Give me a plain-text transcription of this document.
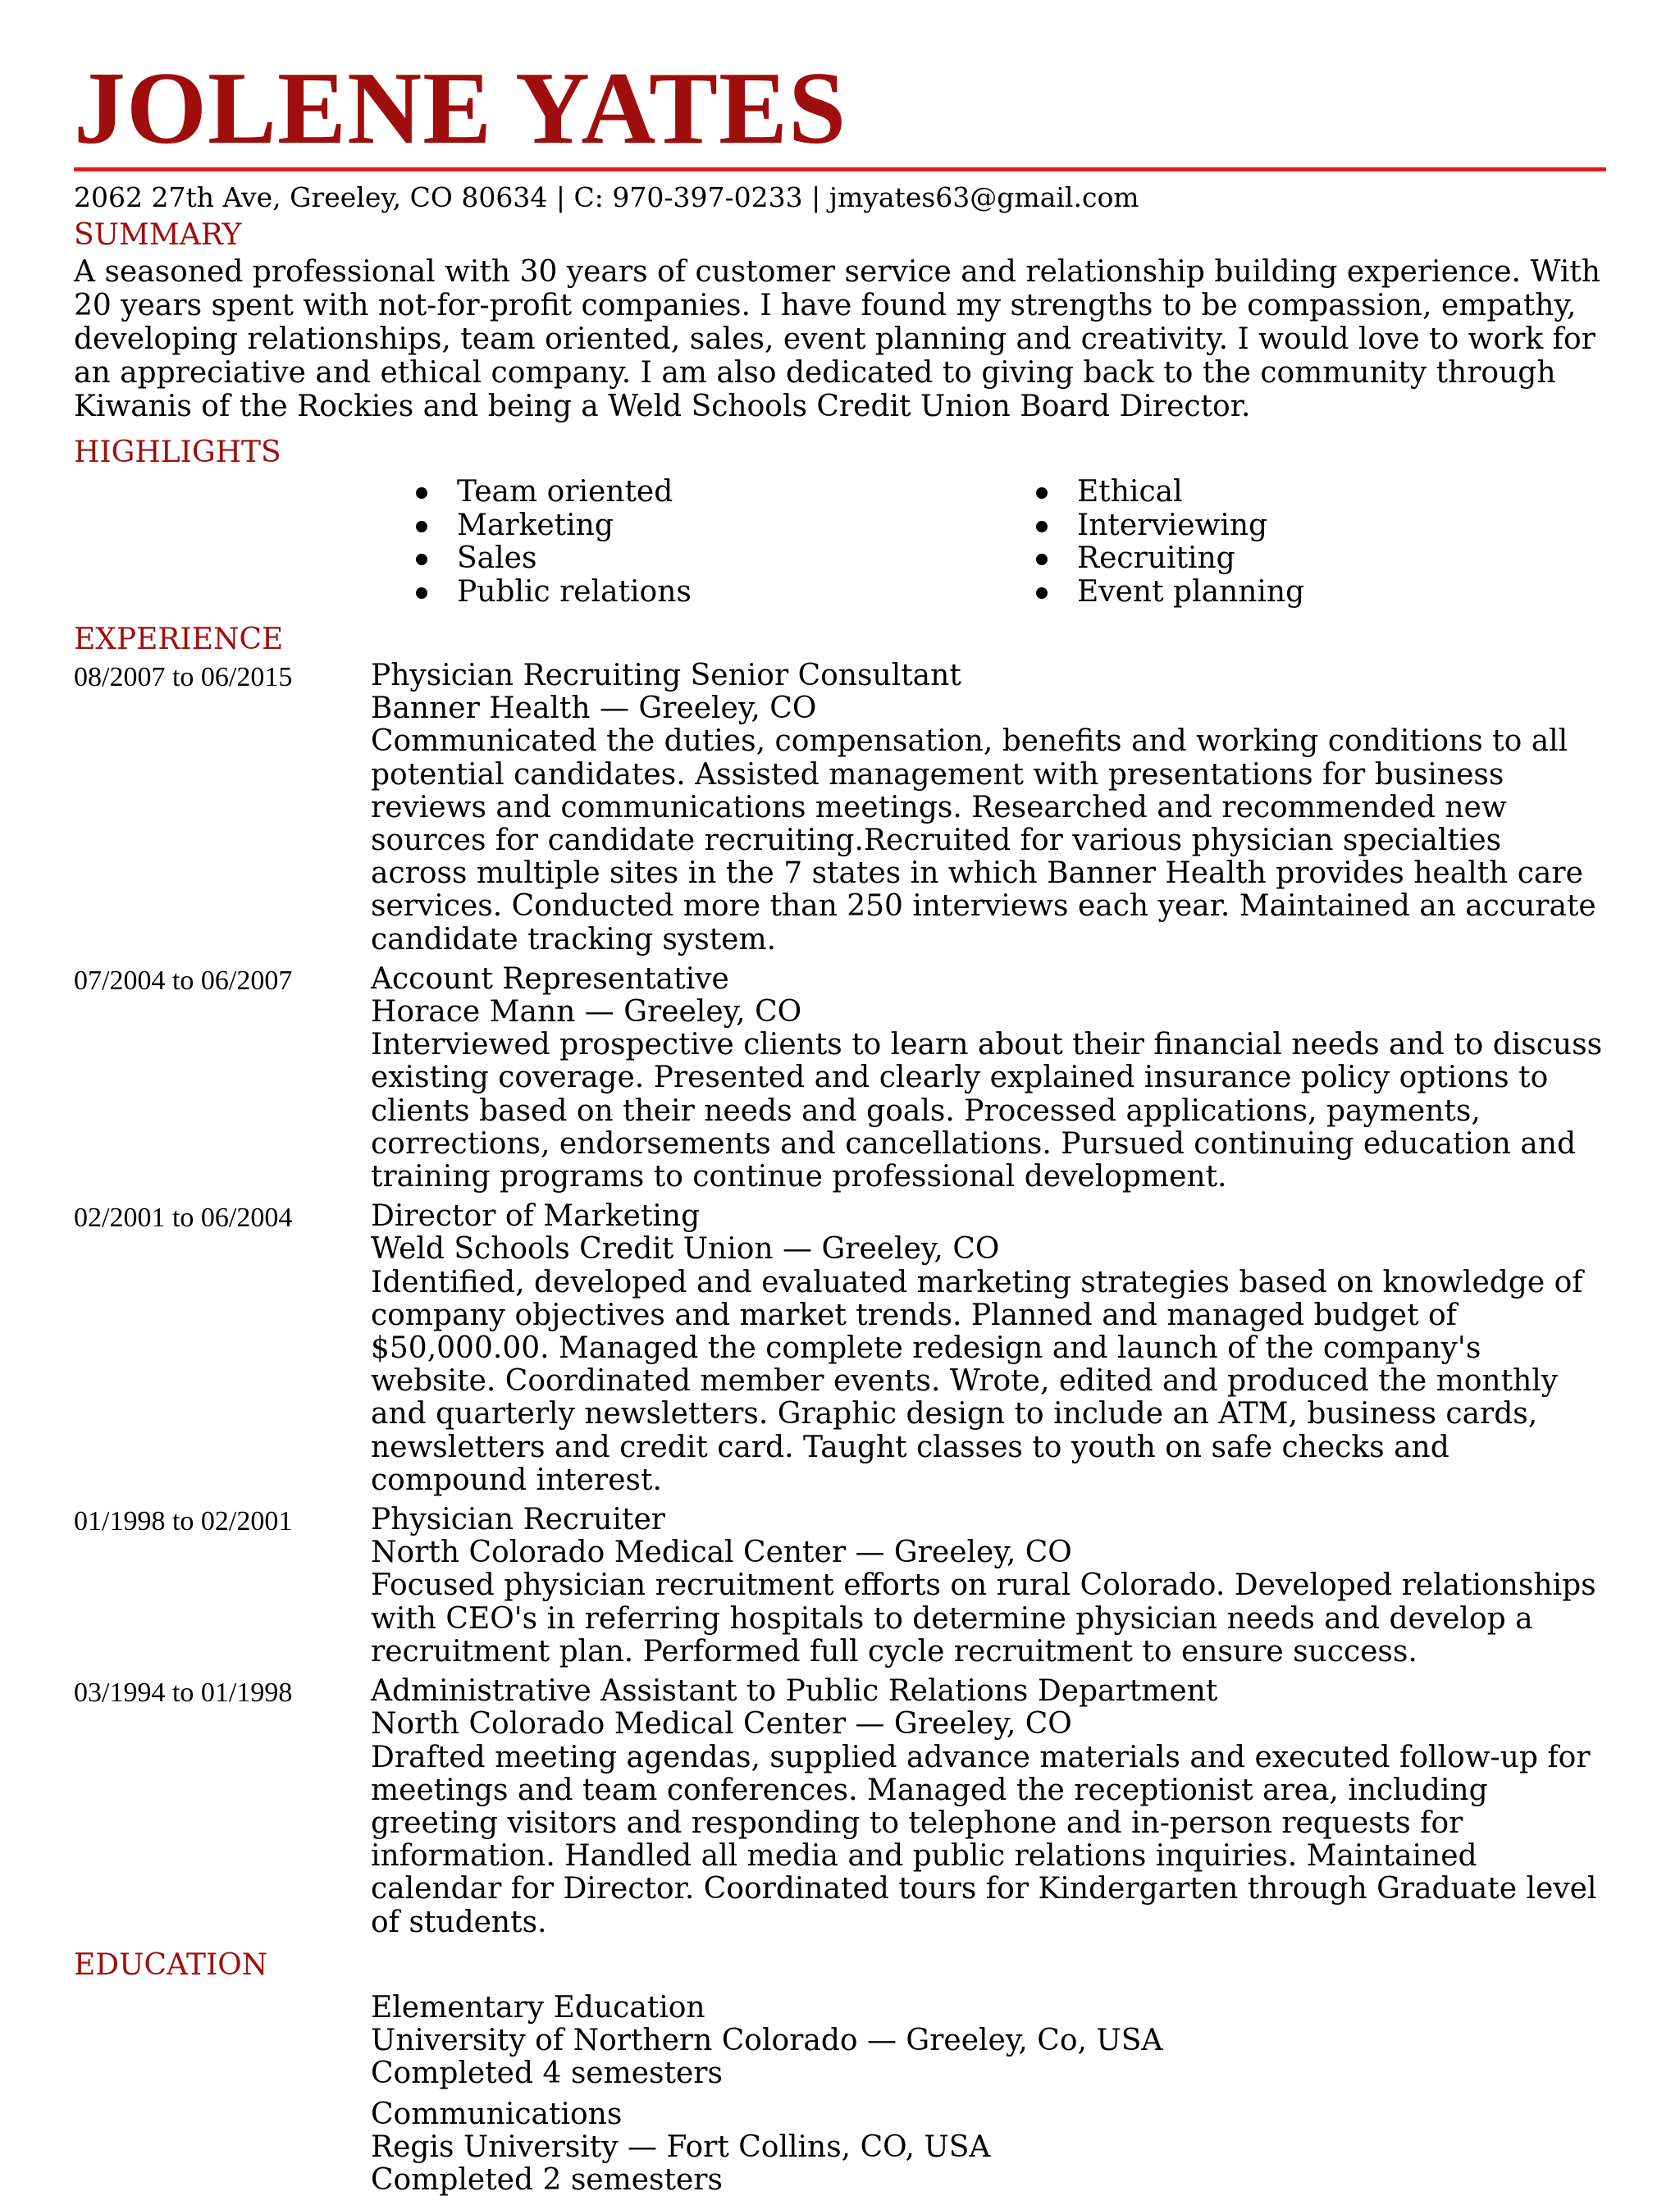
JOLENE YATES
2062 27th Ave, Greeley, CO 80634 | C: 970-397-0233 | jmyates63@gmail.com
SUMMARY
A seasoned professional with 30 years of customer service and relationship building experience. With 20 years spent with not-for-profit companies. I have found my strengths to be compassion, empathy, developing relationships, team oriented, sales, event planning and creativity. I would love to work for an appreciative and ethical company. I am also dedicated to giving back to the community through Kiwanis of the Rockies and being a Weld Schools Credit Union Board Director.
HIGHLIGHTS
Team oriented	Ethical
Marketing	Interviewing
Sales	Recruiting
Public relations	Event planning
EXPERIENCE
08/2007 to 06/2015	Physician Recruiting Senior Consultant
Banner Health — Greeley, CO
Communicated the duties, compensation, benefits and working conditions to all potential candidates. Assisted management with presentations for business reviews and communications meetings. Researched and recommended new sources for candidate recruiting.Recruited for various physician specialties across multiple sites in the 7 states in which Banner Health provides health care services. Conducted more than 250 interviews each year. Maintained an accurate candidate tracking system.
07/2004 to 06/2007	Account Representative
Horace Mann — Greeley, CO
Interviewed prospective clients to learn about their financial needs and to discuss existing coverage. Presented and clearly explained insurance policy options to clients based on their needs and goals. Processed applications, payments, corrections, endorsements and cancellations. Pursued continuing education and training programs to continue professional development.
02/2001 to 06/2004	Director of Marketing
Weld Schools Credit Union — Greeley, CO
Identified, developed and evaluated marketing strategies based on knowledge of company objectives and market trends. Planned and managed budget of $50,000.00. Managed the complete redesign and launch of the company's website. Coordinated member events. Wrote, edited and produced the monthly and quarterly newsletters. Graphic design to include an ATM, business cards, newsletters and credit card. Taught classes to youth on safe checks and compound interest.
01/1998 to 02/2001	Physician Recruiter
North Colorado Medical Center — Greeley, CO
Focused physician recruitment efforts on rural Colorado. Developed relationships with CEO's in referring hospitals to determine physician needs and develop a recruitment plan. Performed full cycle recruitment to ensure success.
03/1994 to 01/1998	Administrative Assistant to Public Relations Department
North Colorado Medical Center — Greeley, CO
Drafted meeting agendas, supplied advance materials and executed follow-up for meetings and team conferences. Managed the receptionist area, including greeting visitors and responding to telephone and in-person requests for information. Handled all media and public relations inquiries. Maintained calendar for Director. Coordinated tours for Kindergarten through Graduate level of students.
EDUCATION
Elementary Education
University of Northern Colorado — Greeley, Co, USA
Completed 4 semesters
Communications
Regis University — Fort Collins, CO, USA
Completed 2 semesters
